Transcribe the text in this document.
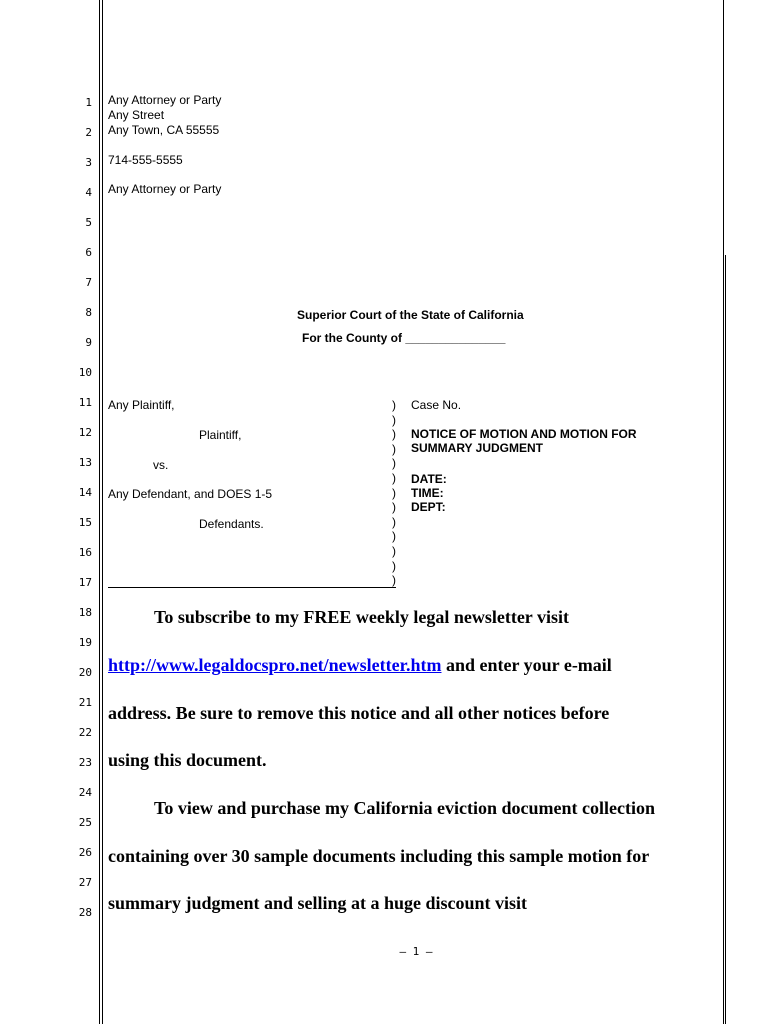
1
2
3
4
5
6
7
8
9
10
11
12
13
14
15
16
17
18
19
20
21
22
23
24
25
26
27
28
Any Attorney or Party
Any Street
Any Town, CA 55555
714-555-5555
Any Attorney or Party
Superior Court of the State of California
For the County of _______________
Any Plaintiff,
Plaintiff,
vs.
Any Defendant, and DOES 1-5
Defendants.
)
)
)
)
)
)
)
)
)
)
)
)
)
Case No.
NOTICE OF MOTION AND MOTION FOR
SUMMARY JUDGMENT
DATE:
TIME:
DEPT:
To subscribe to my FREE weekly legal newsletter visit
http://www.legaldocspro.net/newsletter.htm and enter your e-mail
address. Be sure to remove this notice and all other notices before
using this document.
To view and purchase my California eviction document collection
containing over 30 sample documents including this sample motion for
summary judgment and selling at a huge discount visit
– 1 –
